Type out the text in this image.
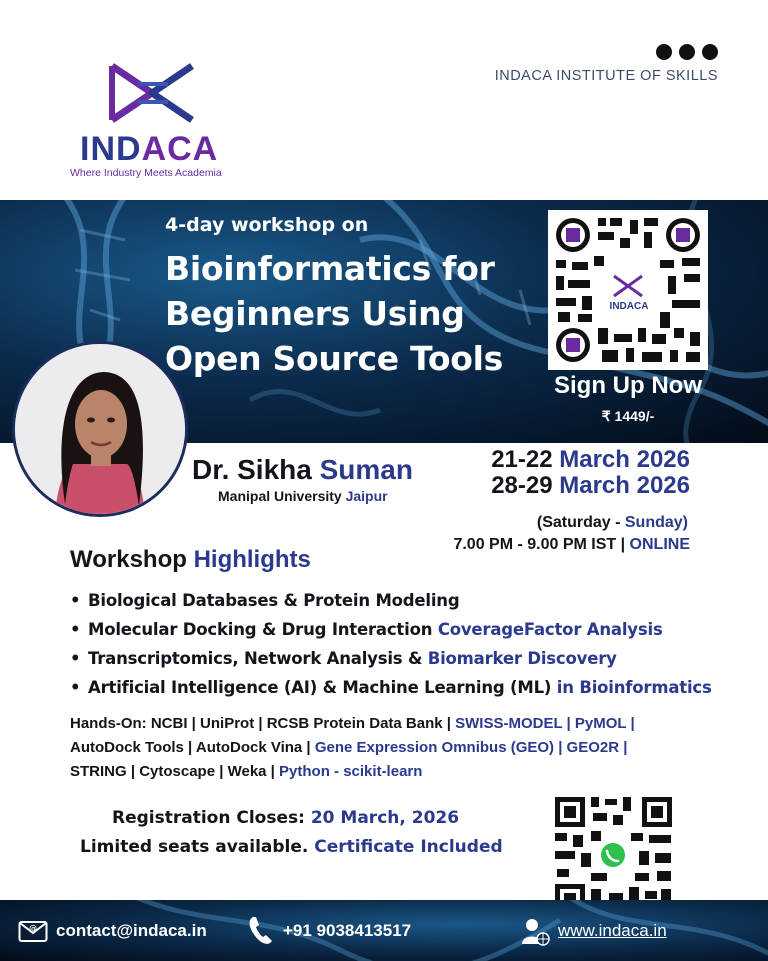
INDACA INSTITUTE OF SKILLS
INDACA
Where Industry Meets Academia
4-day workshop on
Bioinformatics for
Beginners Using
Open Source Tools
INDACA
Sign Up Now
₹ 1449/-
Dr. Sikha Suman
Manipal University Jaipur
21-22 March 2026
28-29 March 2026
(Saturday - Sunday)
7.00 PM - 9.00 PM IST | ONLINE
Workshop Highlights
• Biological Databases & Protein Modeling
• Molecular Docking & Drug Interaction CoverageFactor Analysis
• Transcriptomics, Network Analysis & Biomarker Discovery
• Artificial Intelligence (AI) & Machine Learning (ML) in Bioinformatics
Hands-On: NCBI | UniProt | RCSB Protein Data Bank | SWISS-MODEL | PyMOL |
AutoDock Tools | AutoDock Vina | Gene Expression Omnibus (GEO) | GEO2R |
STRING | Cytoscape | Weka | Python - scikit-learn
Registration Closes: 20 March, 2026
Limited seats available. Certificate Included
@ contact@indaca.in	+91 9038413517	www.indaca.in
